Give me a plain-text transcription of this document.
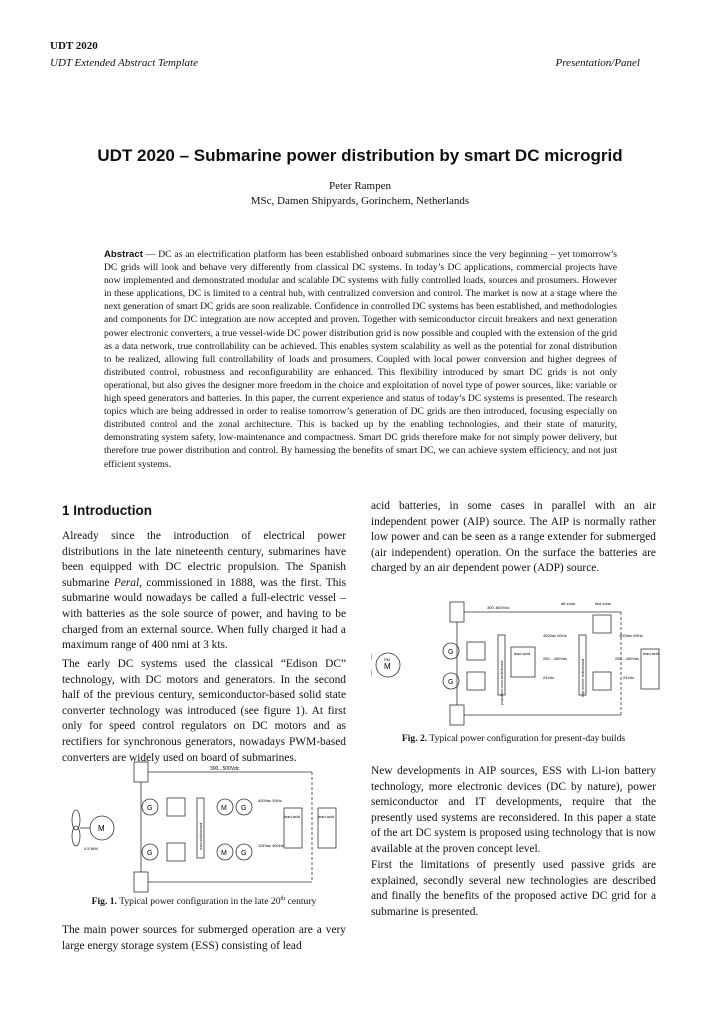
UDT 2020
UDT Extended Abstract Template	Presentation/Panel
UDT 2020 – Submarine power distribution by smart DC microgrid
Peter Rampen
MSc, Damen Shipyards, Gorinchem, Netherlands
Abstract — DC as an electrification platform has been established onboard submarines since the very beginning – yet tomorrow’s DC grids will look and behave very differently from classical DC systems. In today’s DC applications, commercial projects have now implemented and demonstrated modular and scalable DC systems with fully controlled loads, sources and prosumers. However in these applications, DC is limited to a central hub, with centralized conversion and control. The market is now at a stage where the next generation of smart DC grids are soon realizable. Confidence in controlled DC systems has been established, and methodologies and components for DC integration are now accepted and proven. Together with semiconductor circuit breakers and next generation power electronic converters, a true vessel-wide DC power distribution grid is now possible and coupled with the extension of the grid as a data network, true controllability can be achieved. This enables system scalability as well as the potential for zonal distribution to be realized, allowing full controllability of loads and prosumers. Coupled with local power conversion and higher degrees of distributed control, robustness and reconfigurability are enhanced. This flexibility introduced by smart DC grids is not only operational, but also gives the designer more freedom in the choice and exploitation of novel type of power sources, like: variable or high speed generators and batteries. In this paper, the current experience and status of today’s DC systems is presented. The research topics which are being addressed in order to realise tomorrow’s generation of DC grids are then introduced, focusing especially on distributed control and the zonal architecture. This is backed up by the enabling technologies, and their state of maturity, demonstrating system safety, low-maintenance and compactness. Smart DC grids therefore make for not simply power delivery, but therefore true power distribution and control. By harnessing the benefits of smart DC, we can achieve system efficiency, and not just efficient systems.
1 Introduction
Already since the introduction of electrical power distributions in the late nineteenth century, submarines have been equipped with DC electric propulsion. The Spanish submarine Peral, commissioned in 1888, was the first. This submarine would nowadays be called a full-electric vessel – with batteries as the sole source of power, and having to be charged from an external source. When fully charged it had a maximum range of 400 nmi at 3 kts.
The early DC systems used the classical “Edison DC” technology, with DC motors and generators. In the second half of the previous century, semiconductor-based solid state converter technology was introduced (see figure 1). At first only for speed control regulators on DC motors and as rectifiers for synchronous generators, nowadays PWM-based converters are widely used on board of submarines.
300...500Vdc
M
4.5 MW
G
G
main switchboard
M G
M G
400Vac 50Hz
115Vac 400Hz
lead acid	lead acid
Fig. 1. Typical power configuration in the late 20th century
The main power sources for submerged operation are a very large energy storage system (ESS) consisting of lead
acid batteries, in some cases in parallel with an air independent power (AIP) source. The AIP is normally rather low power and can be seen as a range extender for submerged (air independent) operation. On the surface the batteries are charged by an air dependent power (ADP) source.
300..800Vdc
aft zone	fwd zone
M
PM
G
G	propulsion main switchboard	ship service switchboard
400Vac 60Hz	400Vac 60Hz
250…440Vdc	250…440Vdc
24Vdc	24Vdc
lead acid	lead acid
Fig. 2. Typical power configuration for present-day builds
New developments in AIP sources, ESS with Li-ion battery technology, more electronic devices (DC by nature), power semiconductor and IT developments, require that the presently used systems are reconsidered. In this paper a state of the art DC system is proposed using technology that is now available at the proven concept level.
First the limitations of presently used passive grids are explained, secondly several new technologies are described and finally the benefits of the proposed active DC grid for a submarine is presented.
